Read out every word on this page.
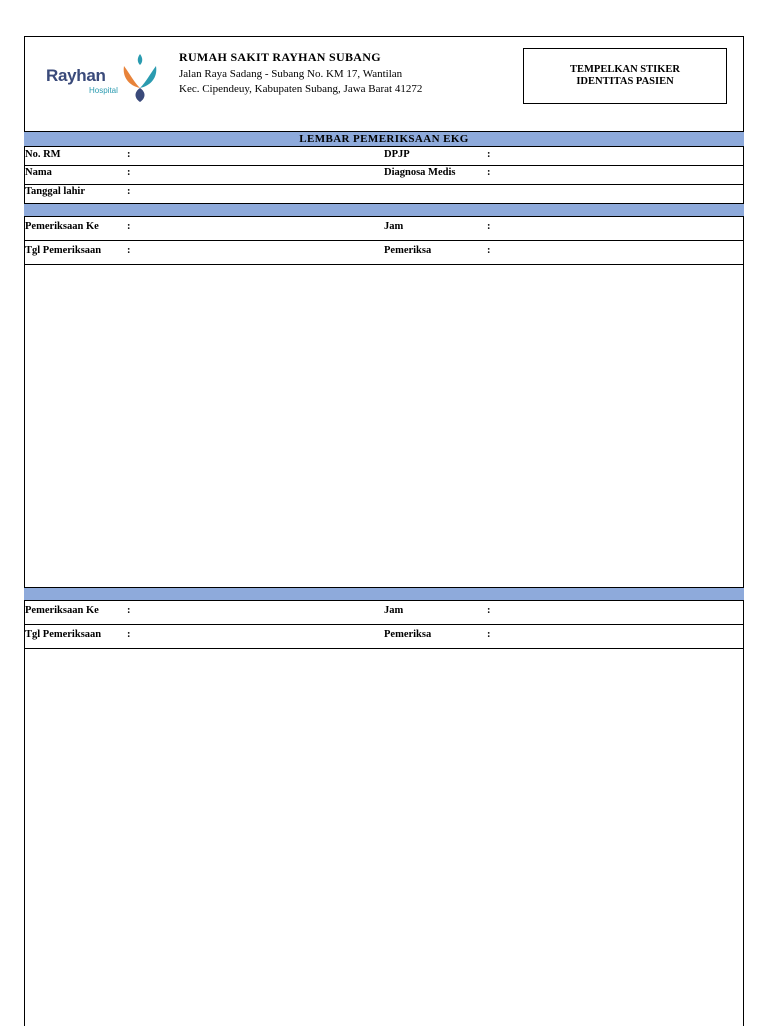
Rayhan
Hospital
RUMAH SAKIT RAYHAN SUBANG
Jalan Raya Sadang - Subang No. KM 17, Wantilan
Kec. Cipendeuy, Kabupaten Subang, Jawa Barat 41272
TEMPELKAN STIKER
IDENTITAS PASIEN
LEMBAR PEMERIKSAAN EKG
No. RM	:	DPJP	:
Nama	:	Diagnosa Medis	:
Tanggal lahir	:
Pemeriksaan Ke	:	Jam	:
Tgl Pemeriksaan :	Pemeriksa	:
Pemeriksaan Ke	:	Jam	:
Tgl Pemeriksaan :	Pemeriksa	:
